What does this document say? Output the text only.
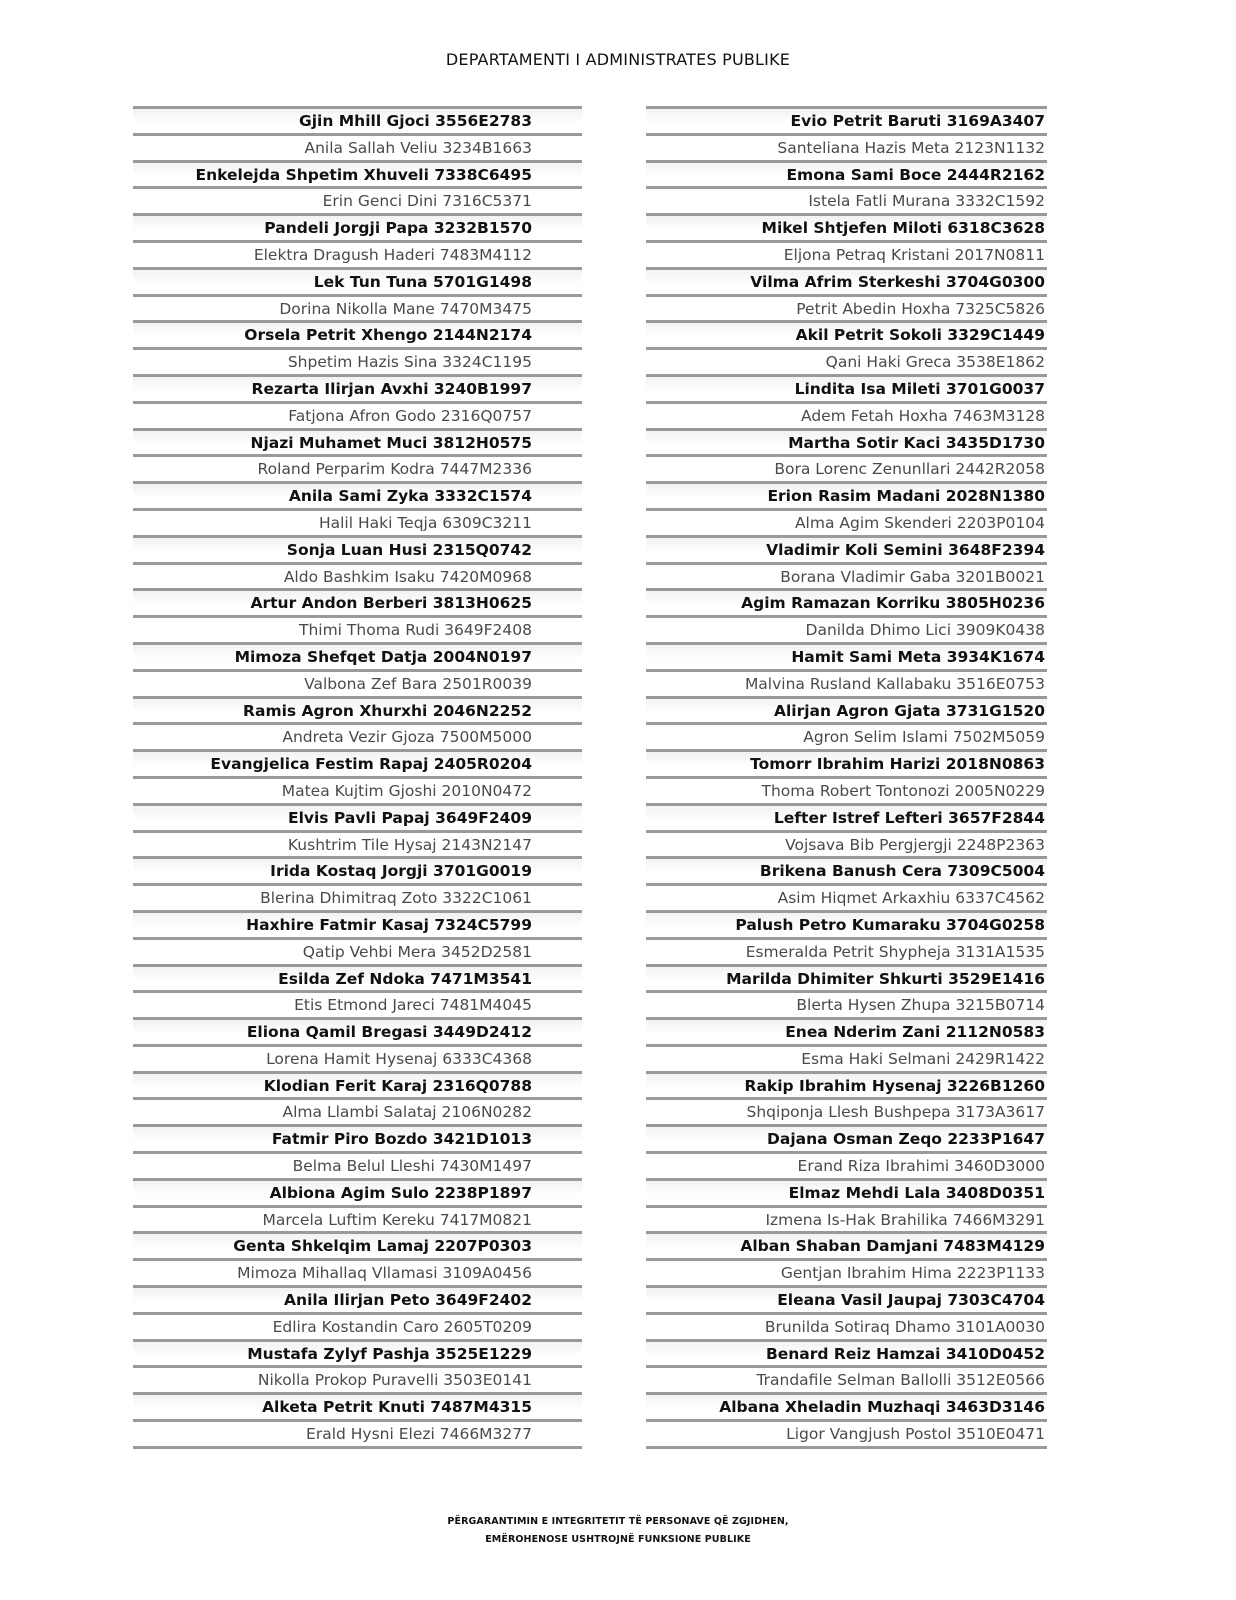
DEPARTAMENTI I ADMINISTRATES PUBLIKE
Gjin Mhill Gjoci 3556E2783
Anila Sallah Veliu 3234B1663
Enkelejda Shpetim Xhuveli 7338C6495
Erin Genci Dini 7316C5371
Pandeli Jorgji Papa 3232B1570
Elektra Dragush Haderi 7483M4112
Lek Tun Tuna 5701G1498
Dorina Nikolla Mane 7470M3475
Orsela Petrit Xhengo 2144N2174
Shpetim Hazis Sina 3324C1195
Rezarta Ilirjan Avxhi 3240B1997
Fatjona Afron Godo 2316Q0757
Njazi Muhamet Muci 3812H0575
Roland Perparim Kodra 7447M2336
Anila Sami Zyka 3332C1574
Halil Haki Teqja 6309C3211
Sonja Luan Husi 2315Q0742
Aldo Bashkim Isaku 7420M0968
Artur Andon Berberi 3813H0625
Thimi Thoma Rudi 3649F2408
Mimoza Shefqet Datja 2004N0197
Valbona Zef Bara 2501R0039
Ramis Agron Xhurxhi 2046N2252
Andreta Vezir Gjoza 7500M5000
Evangjelica Festim Rapaj 2405R0204
Matea Kujtim Gjoshi 2010N0472
Elvis Pavli Papaj 3649F2409
Kushtrim Tile Hysaj 2143N2147
Irida Kostaq Jorgji 3701G0019
Blerina Dhimitraq Zoto 3322C1061
Haxhire Fatmir Kasaj 7324C5799
Qatip Vehbi Mera 3452D2581
Esilda Zef Ndoka 7471M3541
Etis Etmond Jareci 7481M4045
Eliona Qamil Bregasi 3449D2412
Lorena Hamit Hysenaj 6333C4368
Klodian Ferit Karaj 2316Q0788
Alma Llambi Salataj 2106N0282
Fatmir Piro Bozdo 3421D1013
Belma Belul Lleshi 7430M1497
Albiona Agim Sulo 2238P1897
Marcela Luftim Kereku 7417M0821
Genta Shkelqim Lamaj 2207P0303
Mimoza Mihallaq Vllamasi 3109A0456
Anila Ilirjan Peto 3649F2402
Edlira Kostandin Caro 2605T0209
Mustafa Zylyf Pashja 3525E1229
Nikolla Prokop Puravelli 3503E0141
Alketa Petrit Knuti 7487M4315
Erald Hysni Elezi 7466M3277
Evio Petrit Baruti 3169A3407
Santeliana Hazis Meta 2123N1132
Emona Sami Boce 2444R2162
Istela Fatli Murana 3332C1592
Mikel Shtjefen Miloti 6318C3628
Eljona Petraq Kristani 2017N0811
Vilma Afrim Sterkeshi 3704G0300
Petrit Abedin Hoxha 7325C5826
Akil Petrit Sokoli 3329C1449
Qani Haki Greca 3538E1862
Lindita Isa Mileti 3701G0037
Adem Fetah Hoxha 7463M3128
Martha Sotir Kaci 3435D1730
Bora Lorenc Zenunllari 2442R2058
Erion Rasim Madani 2028N1380
Alma Agim Skenderi 2203P0104
Vladimir Koli Semini 3648F2394
Borana Vladimir Gaba 3201B0021
Agim Ramazan Korriku 3805H0236
Danilda Dhimo Lici 3909K0438
Hamit Sami Meta 3934K1674
Malvina Rusland Kallabaku 3516E0753
Alirjan Agron Gjata 3731G1520
Agron Selim Islami 7502M5059
Tomorr Ibrahim Harizi 2018N0863
Thoma Robert Tontonozi 2005N0229
Lefter Istref Lefteri 3657F2844
Vojsava Bib Pergjergji 2248P2363
Brikena Banush Cera 7309C5004
Asim Hiqmet Arkaxhiu 6337C4562
Palush Petro Kumaraku 3704G0258
Esmeralda Petrit Shypheja 3131A1535
Marilda Dhimiter Shkurti 3529E1416
Blerta Hysen Zhupa 3215B0714
Enea Nderim Zani 2112N0583
Esma Haki Selmani 2429R1422
Rakip Ibrahim Hysenaj 3226B1260
Shqiponja Llesh Bushpepa 3173A3617
Dajana Osman Zeqo 2233P1647
Erand Riza Ibrahimi 3460D3000
Elmaz Mehdi Lala 3408D0351
Izmena Is-Hak Brahilika 7466M3291
Alban Shaban Damjani 7483M4129
Gentjan Ibrahim Hima 2223P1133
Eleana Vasil Jaupaj 7303C4704
Brunilda Sotiraq Dhamo 3101A0030
Benard Reiz Hamzai 3410D0452
Trandafile Selman Ballolli 3512E0566
Albana Xheladin Muzhaqi 3463D3146
Ligor Vangjush Postol 3510E0471
PËRGARANTIMIN E INTEGRITETIT TË PERSONAVE QË ZGJIDHEN,
EMËROHENOSE USHTROJNË FUNKSIONE PUBLIKE
